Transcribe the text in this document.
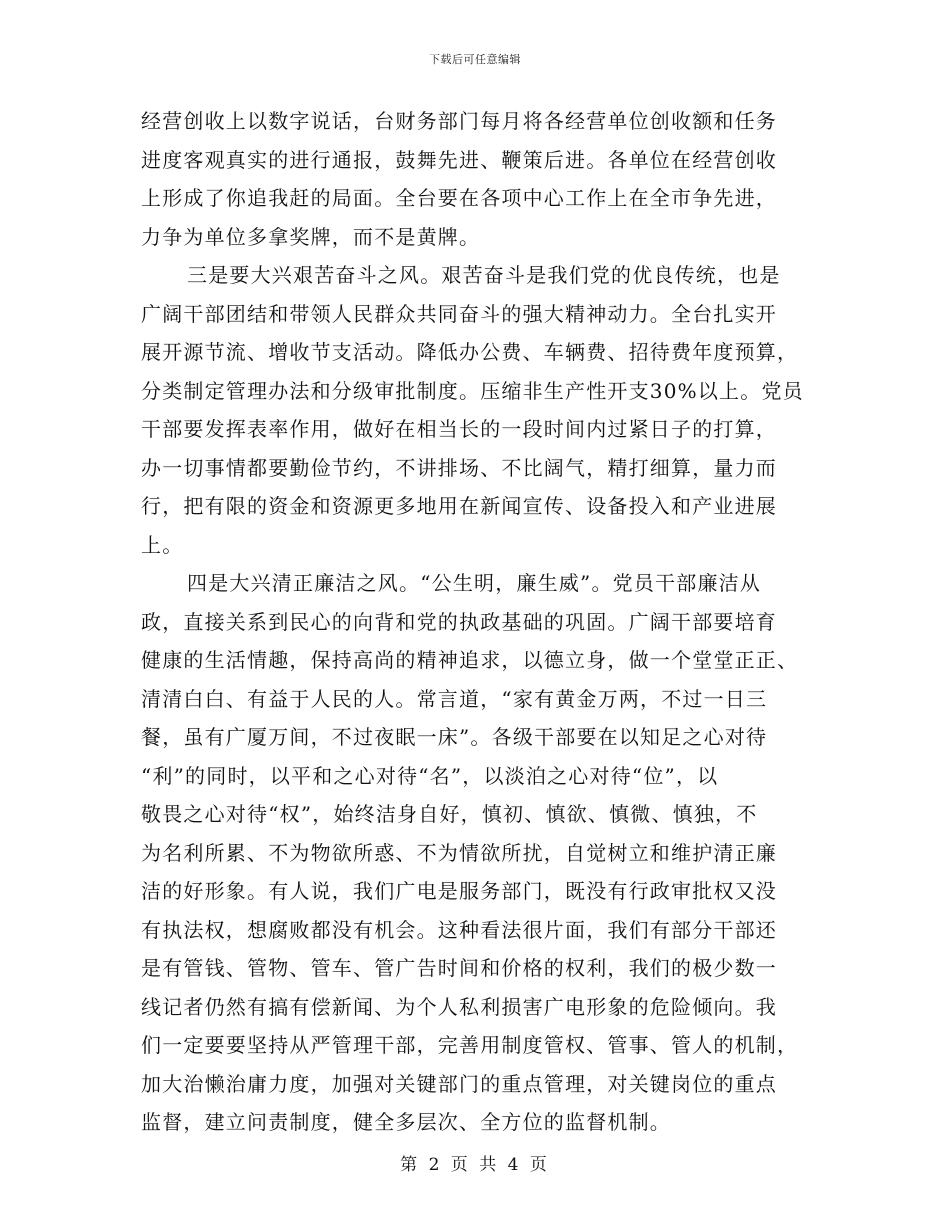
下载后可任意编辑
经营创收上以数字说话，台财务部门每月将各经营单位创收额和任务
进度客观真实的进行通报，鼓舞先进、鞭策后进。各单位在经营创收
上形成了你追我赶的局面。全台要在各项中心工作上在全市争先进，
力争为单位多拿奖牌，而不是黄牌。
三是要大兴艰苦奋斗之风。艰苦奋斗是我们党的优良传统，也是
广阔干部团结和带领人民群众共同奋斗的强大精神动力。全台扎实开
展开源节流、增收节支活动。降低办公费、车辆费、招待费年度预算，
分类制定管理办法和分级审批制度。压缩非生产性开支30%以上。党员
干部要发挥表率作用，做好在相当长的一段时间内过紧日子的打算，
办一切事情都要勤俭节约，不讲排场、不比阔气，精打细算，量力而
行，把有限的资金和资源更多地用在新闻宣传、设备投入和产业进展
上。
四是大兴清正廉洁之风。“公生明，廉生威”。党员干部廉洁从
政，直接关系到民心的向背和党的执政基础的巩固。广阔干部要培育
健康的生活情趣，保持高尚的精神追求，以德立身，做一个堂堂正正、
清清白白、有益于人民的人。常言道，“家有黄金万两，不过一日三
餐，虽有广厦万间，不过夜眠一床”。各级干部要在以知足之心对待
“利”的同时，以平和之心对待“名”，以淡泊之心对待“位”，以
敬畏之心对待“权”，始终洁身自好，慎初、慎欲、慎微、慎独，不
为名利所累、不为物欲所惑、不为情欲所扰，自觉树立和维护清正廉
洁的好形象。有人说，我们广电是服务部门，既没有行政审批权又没
有执法权，想腐败都没有机会。这种看法很片面，我们有部分干部还
是有管钱、管物、管车、管广告时间和价格的权利，我们的极少数一
线记者仍然有搞有偿新闻、为个人私利损害广电形象的危险倾向。我
们一定要要坚持从严管理干部，完善用制度管权、管事、管人的机制，
加大治懒治庸力度，加强对关键部门的重点管理，对关键岗位的重点
监督，建立问责制度，健全多层次、全方位的监督机制。
第 2 页 共 4 页
